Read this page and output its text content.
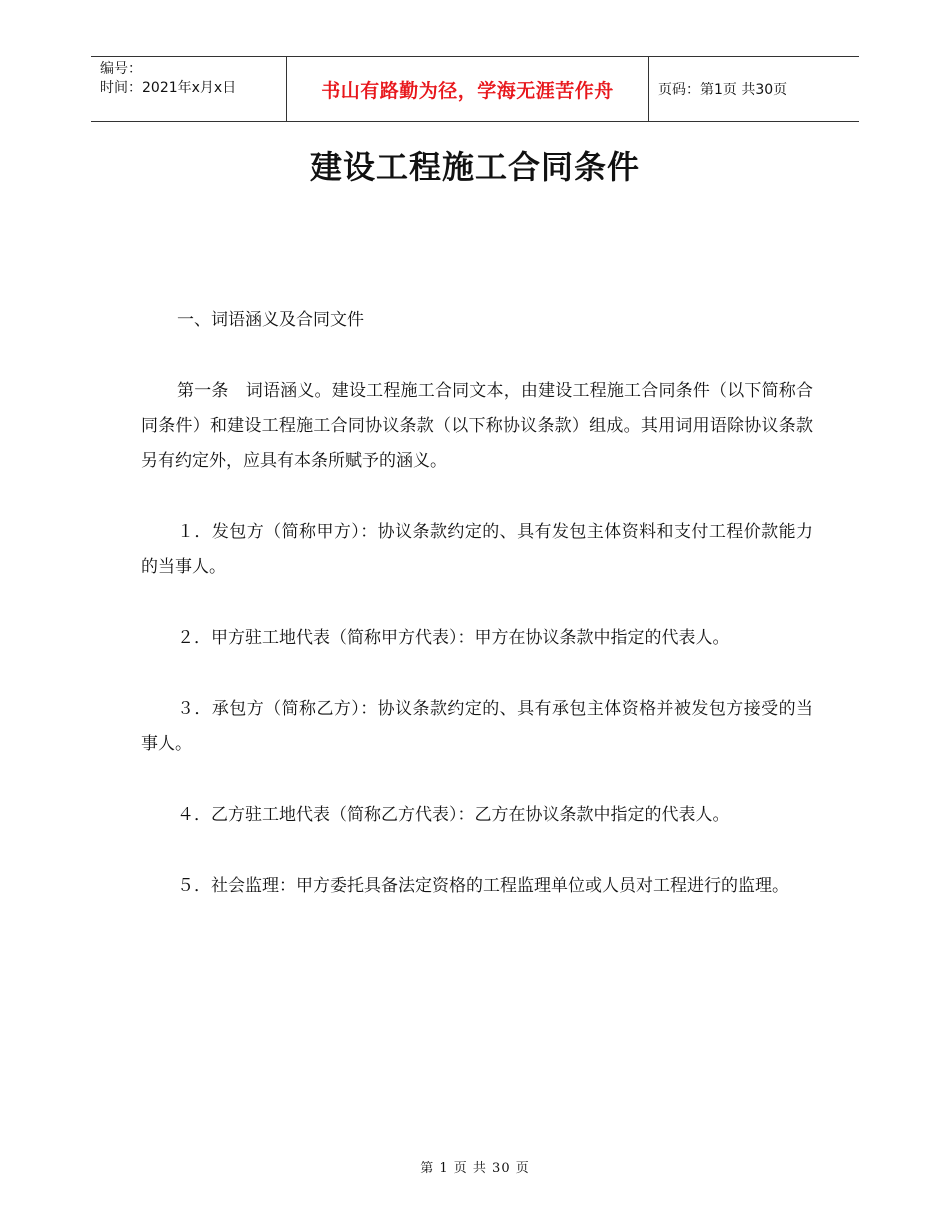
编号：
时间：2021年x月x日	书山有路勤为径，学海无涯苦作舟	页码：第1页 共30页
建设工程施工合同条件

一、词语涵义及合同文件

第一条　词语涵义。建设工程施工合同文本，由建设工程施工合同条件（以下简称合同条件）和建设工程施工合同协议条款（以下称协议条款）组成。其用词用语除协议条款另有约定外，应具有本条所赋予的涵义。

１．发包方（简称甲方）：协议条款约定的、具有发包主体资料和支付工程价款能力的当事人。

２．甲方驻工地代表（简称甲方代表）：甲方在协议条款中指定的代表人。

３．承包方（简称乙方）：协议条款约定的、具有承包主体资格并被发包方接受的当事人。

４．乙方驻工地代表（简称乙方代表）：乙方在协议条款中指定的代表人。

５．社会监理：甲方委托具备法定资格的工程监理单位或人员对工程进行的监理。

第 1 页 共 30 页
